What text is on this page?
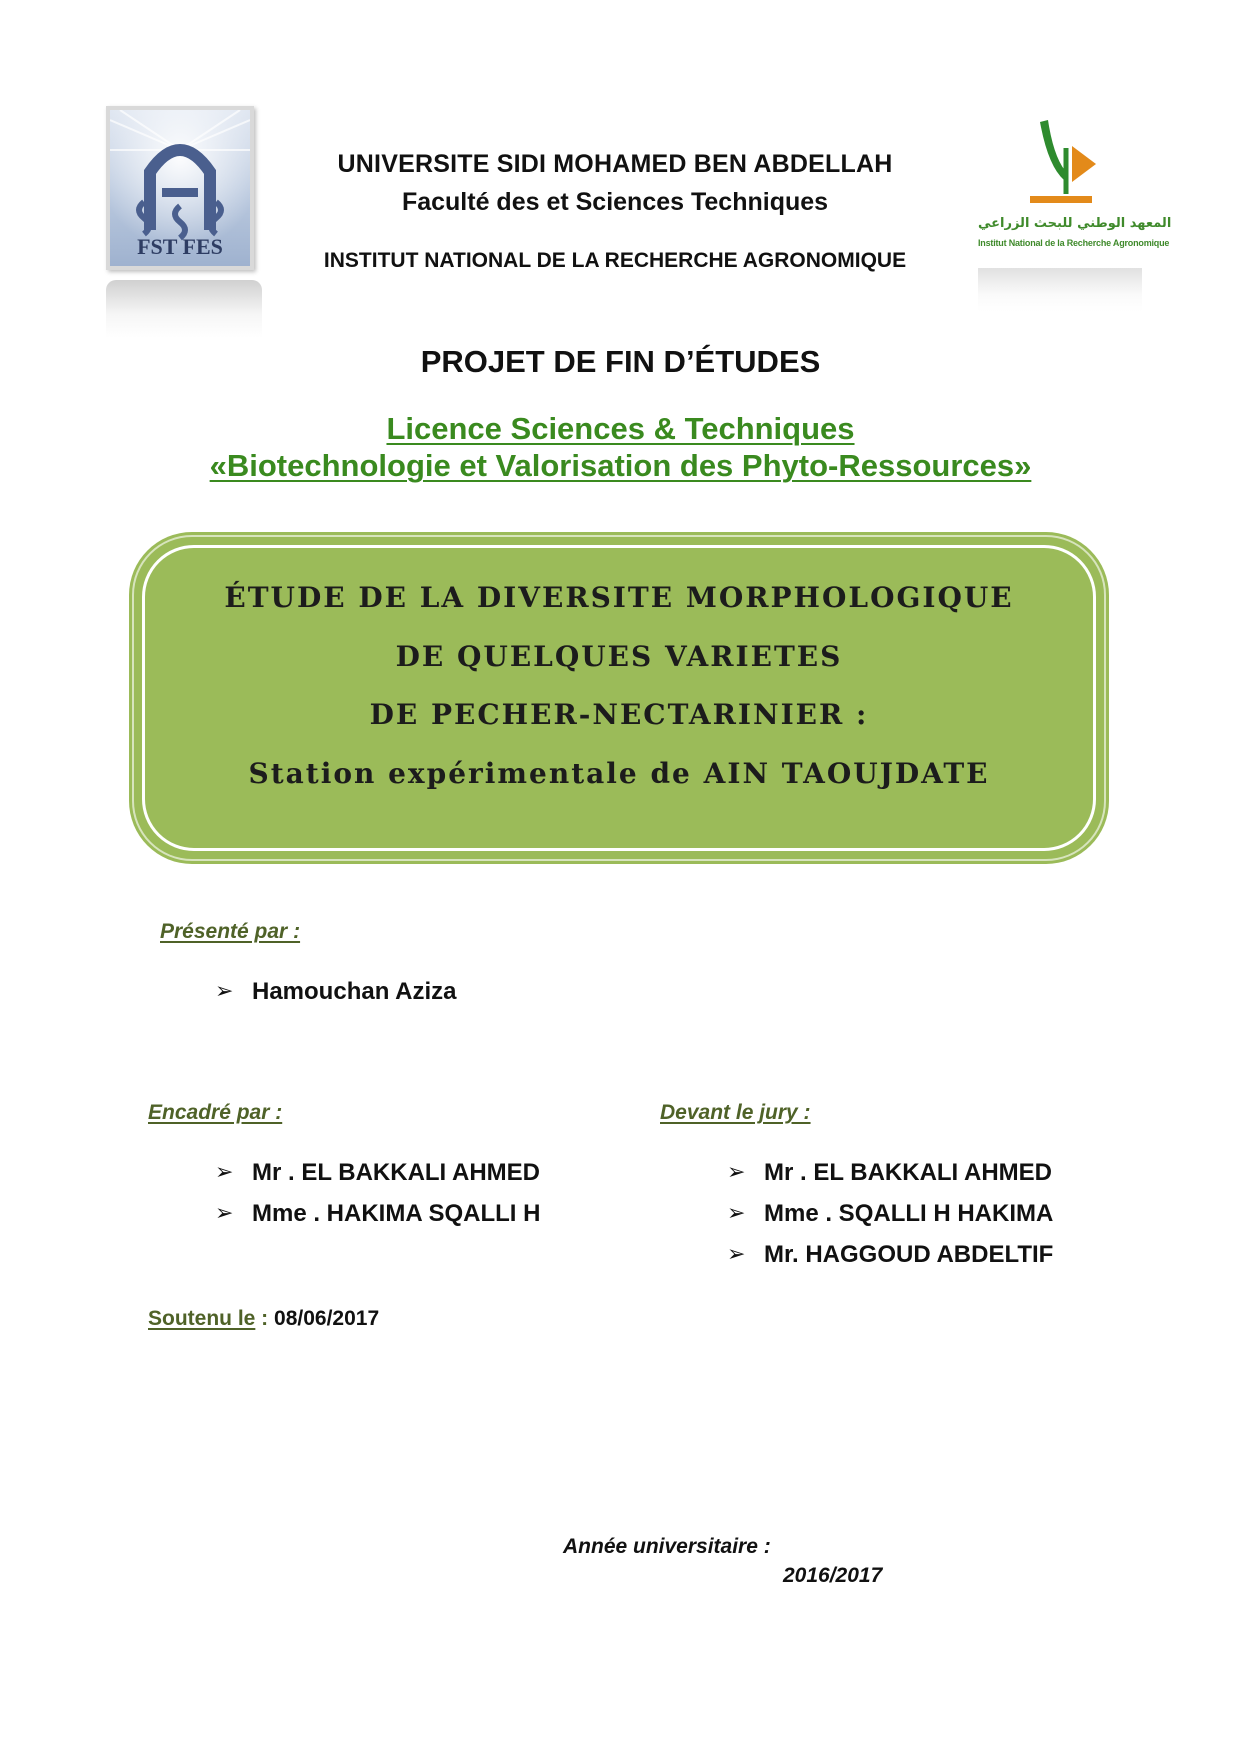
FST FES
المعهد الوطني للبحث الزراعي
Institut National de la Recherche Agronomique
UNIVERSITE SIDI MOHAMED BEN ABDELLAH
Faculté des et Sciences Techniques
INSTITUT NATIONAL DE LA RECHERCHE AGRONOMIQUE
PROJET DE FIN D’ÉTUDES
Licence Sciences & Techniques
«Biotechnologie et Valorisation des Phyto-Ressources»
ÉTUDE DE LA DIVERSITE MORPHOLOGIQUE
DE QUELQUES VARIETES
DE PECHER-NECTARINIER :
Station expérimentale de AIN TAOUJDATE
Présenté par :
➢ Hamouchan Aziza
Encadré par :
➢ Mr . EL BAKKALI AHMED
➢ Mme . HAKIMA SQALLI H
Devant le jury :
➢ Mr . EL BAKKALI AHMED
➢ Mme . SQALLI H HAKIMA
➢ Mr. HAGGOUD ABDELTIF
Soutenu le : 08/06/2017
Année universitaire :
2016/2017
